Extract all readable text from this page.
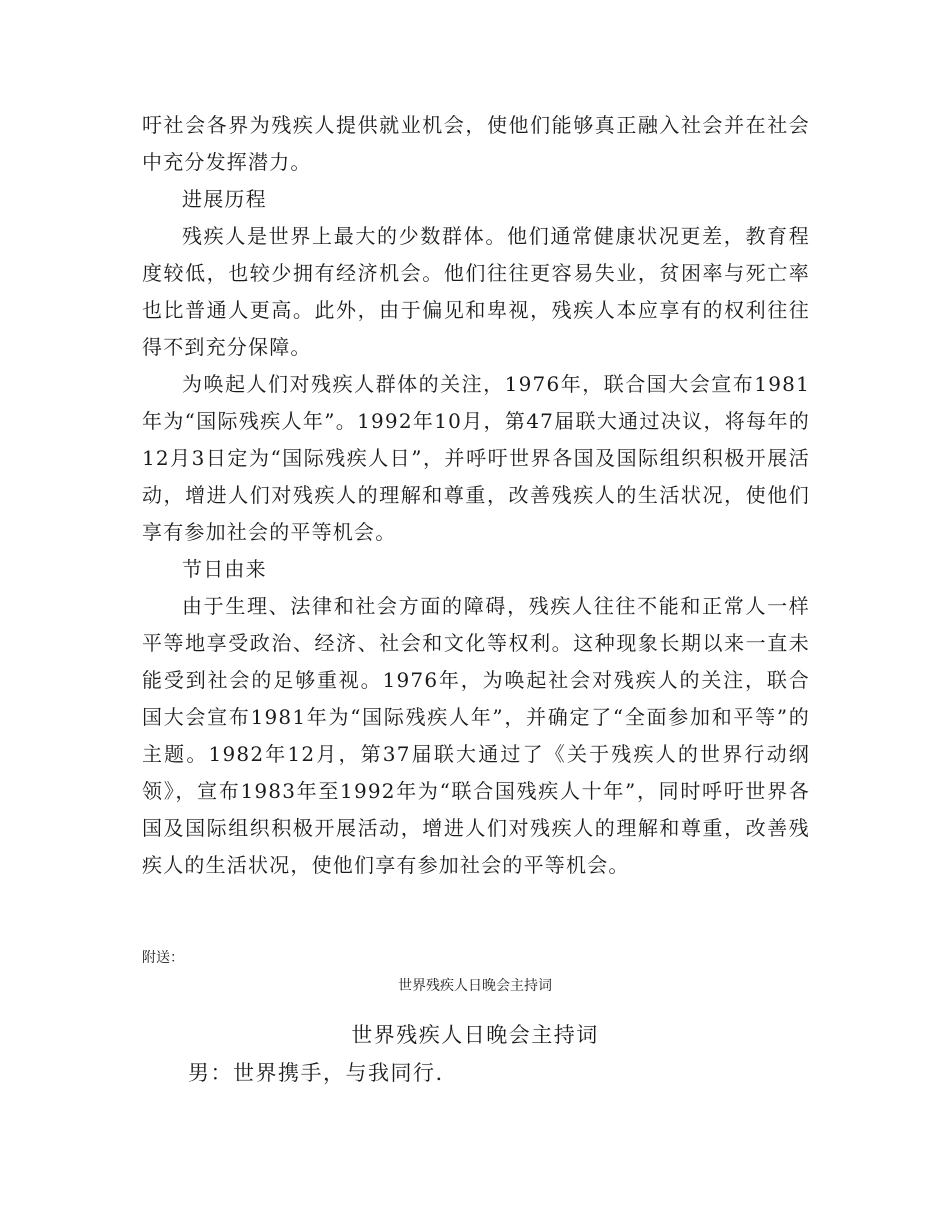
吁社会各界为残疾人提供就业机会，使他们能够真正融入社会并在社会中充分发挥潜力。

进展历程

残疾人是世界上最大的少数群体。他们通常健康状况更差，教育程度较低，也较少拥有经济机会。他们往往更容易失业，贫困率与死亡率也比普通人更高。此外，由于偏见和卑视，残疾人本应享有的权利往往得不到充分保障。

为唤起人们对残疾人群体的关注，1976年，联合国大会宣布1981年为“国际残疾人年”。1992年10月，第47届联大通过决议，将每年的12月3日定为“国际残疾人日”，并呼吁世界各国及国际组织积极开展活动，增进人们对残疾人的理解和尊重，改善残疾人的生活状况，使他们享有参加社会的平等机会。

节日由来

由于生理、法律和社会方面的障碍，残疾人往往不能和正常人一样平等地享受政治、经济、社会和文化等权利。这种现象长期以来一直未能受到社会的足够重视。1976年，为唤起社会对残疾人的关注，联合国大会宣布1981年为“国际残疾人年”，并确定了“全面参加和平等”的主题。1982年12月，第37届联大通过了《关于残疾人的世界行动纲领》，宣布1983年至1992年为“联合国残疾人十年”，同时呼吁世界各国及国际组织积极开展活动，增进人们对残疾人的理解和尊重，改善残疾人的生活状况，使他们享有参加社会的平等机会。

附送：
世界残疾人日晚会主持词
世界残疾人日晚会主持词
男：世界携手，与我同行.
